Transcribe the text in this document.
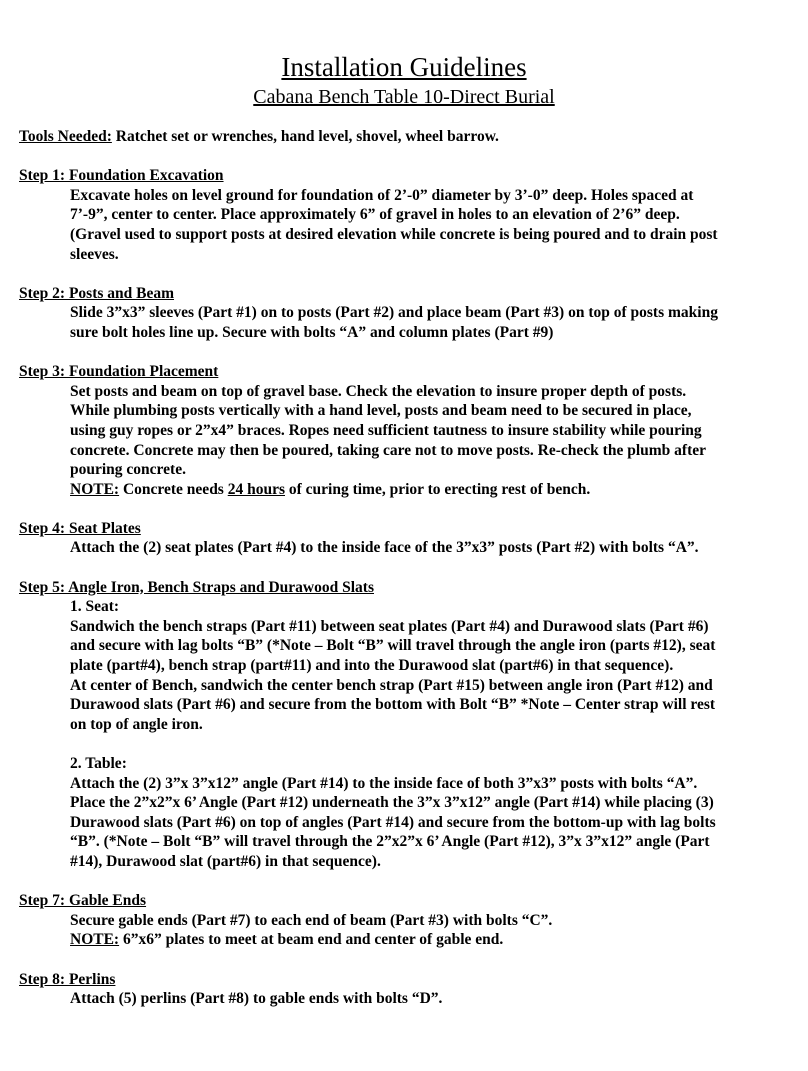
Installation Guidelines
Cabana Bench Table 10-Direct Burial
Tools Needed: Ratchet set or wrenches, hand level, shovel, wheel barrow.
Step 1: Foundation Excavation
Excavate holes on level ground for foundation of 2’-0” diameter by 3’-0” deep. Holes spaced at
7’-9”, center to center. Place approximately 6” of gravel in holes to an elevation of 2’6” deep.
(Gravel used to support posts at desired elevation while concrete is being poured and to drain post
sleeves.
Step 2: Posts and Beam
Slide 3”x3” sleeves (Part #1) on to posts (Part #2) and place beam (Part #3) on top of posts making
sure bolt holes line up. Secure with bolts “A” and column plates (Part #9)
Step 3: Foundation Placement
Set posts and beam on top of gravel base. Check the elevation to insure proper depth of posts.
While plumbing posts vertically with a hand level, posts and beam need to be secured in place,
using guy ropes or 2”x4” braces. Ropes need sufficient tautness to insure stability while pouring
concrete. Concrete may then be poured, taking care not to move posts. Re-check the plumb after
pouring concrete.
NOTE: Concrete needs 24 hours of curing time, prior to erecting rest of bench.
Step 4: Seat Plates
Attach the (2) seat plates (Part #4) to the inside face of the 3”x3” posts (Part #2) with bolts “A”.
Step 5: Angle Iron, Bench Straps and Durawood Slats
1. Seat:
Sandwich the bench straps (Part #11) between seat plates (Part #4) and Durawood slats (Part #6)
and secure with lag bolts “B” (*Note – Bolt “B” will travel through the angle iron (parts #12), seat
plate (part#4), bench strap (part#11) and into the Durawood slat (part#6) in that sequence).
At center of Bench, sandwich the center bench strap (Part #15) between angle iron (Part #12) and
Durawood slats (Part #6) and secure from the bottom with Bolt “B” *Note – Center strap will rest
on top of angle iron.
2. Table:
Attach the (2) 3”x 3”x12” angle (Part #14) to the inside face of both 3”x3” posts with bolts “A”.
Place the 2”x2”x 6’ Angle (Part #12) underneath the 3”x 3”x12” angle (Part #14) while placing (3)
Durawood slats (Part #6) on top of angles (Part #14) and secure from the bottom-up with lag bolts
“B”. (*Note – Bolt “B” will travel through the 2”x2”x 6’ Angle (Part #12), 3”x 3”x12” angle (Part
#14), Durawood slat (part#6) in that sequence).
Step 7: Gable Ends
Secure gable ends (Part #7) to each end of beam (Part #3) with bolts “C”.
NOTE: 6”x6” plates to meet at beam end and center of gable end.
Step 8: Perlins
Attach (5) perlins (Part #8) to gable ends with bolts “D”.
